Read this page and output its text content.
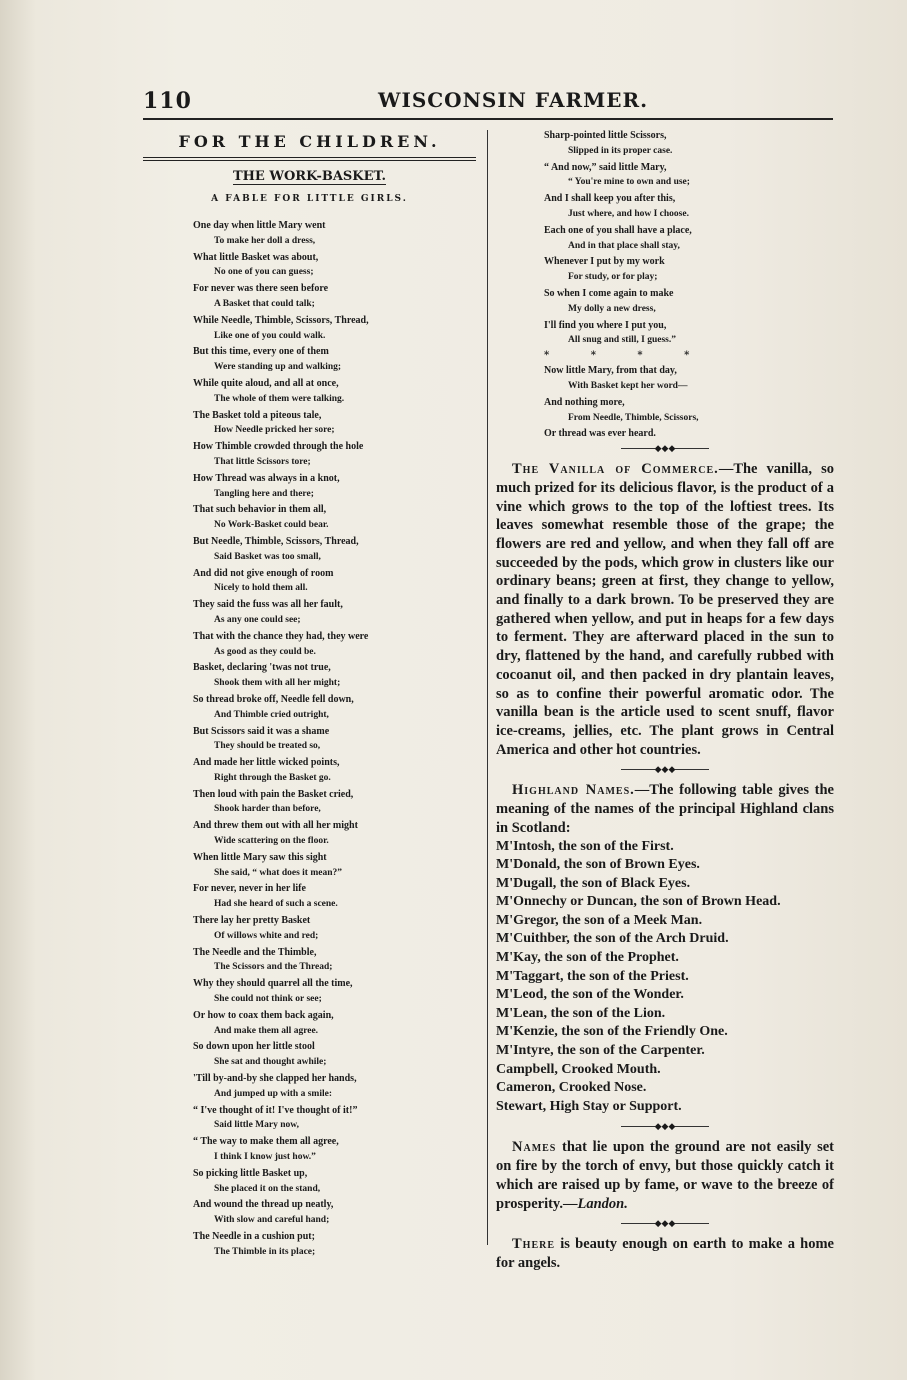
110	WISCONSIN FARMER.
FOR THE CHILDREN.
THE WORK-BASKET.
A FABLE FOR LITTLE GIRLS.
One day when little Mary went
To make her doll a dress,
What little Basket was about,
No one of you can guess;
For never was there seen before
A Basket that could talk;
While Needle, Thimble, Scissors, Thread,
Like one of you could walk.
But this time, every one of them
Were standing up and walking;
While quite aloud, and all at once,
The whole of them were talking.
The Basket told a piteous tale,
How Needle pricked her sore;
How Thimble crowded through the hole
That little Scissors tore;
How Thread was always in a knot,
Tangling here and there;
That such behavior in them all,
No Work-Basket could bear.
But Needle, Thimble, Scissors, Thread,
Said Basket was too small,
And did not give enough of room
Nicely to hold them all.
They said the fuss was all her fault,
As any one could see;
That with the chance they had, they were
As good as they could be.
Basket, declaring 'twas not true,
Shook them with all her might;
So thread broke off, Needle fell down,
And Thimble cried outright,
But Scissors said it was a shame
They should be treated so,
And made her little wicked points,
Right through the Basket go.
Then loud with pain the Basket cried,
Shook harder than before,
And threw them out with all her might
Wide scattering on the floor.
When little Mary saw this sight
She said, “ what does it mean?”
For never, never in her life
Had she heard of such a scene.
There lay her pretty Basket
Of willows white and red;
The Needle and the Thimble,
The Scissors and the Thread;
Why they should quarrel all the time,
She could not think or see;
Or how to coax them back again,
And make them all agree.
So down upon her little stool
She sat and thought awhile;
'Till by-and-by she clapped her hands,
And jumped up with a smile:
“ I've thought of it! I've thought of it!”
Said little Mary now,
“ The way to make them all agree,
I think I know just how.”
So picking little Basket up,
She placed it on the stand,
And wound the thread up neatly,
With slow and careful hand;
The Needle in a cushion put;
The Thimble in its place;
Sharp-pointed little Scissors,
Slipped in its proper case.
“ And now,” said little Mary,
“ You're mine to own and use;
And I shall keep you after this,
Just where, and how I choose.
Each one of you shall have a place,
And in that place shall stay,
Whenever I put by my work
For study, or for play;
So when I come again to make
My dolly a new dress,
I'll find you where I put you,
All snug and still, I guess.”
* * * *
Now little Mary, from that day,
With Basket kept her word—
And nothing more,
From Needle, Thimble, Scissors,
Or thread was ever heard.
◆◆◆
The Vanilla of Commerce.—The vanilla, so much prized for its delicious flavor, is the product of a vine which grows to the top of the loftiest trees. Its leaves somewhat resemble those of the grape; the flowers are red and yellow, and when they fall off are succeeded by the pods, which grow in clusters like our ordinary beans; green at first, they change to yellow, and finally to a dark brown. To be preserved they are gathered when yellow, and put in heaps for a few days to ferment. They are afterward placed in the sun to dry, flattened by the hand, and carefully rubbed with cocoanut oil, and then packed in dry plantain leaves, so as to confine their powerful aromatic odor. The vanilla bean is the article used to scent snuff, flavor ice-creams, jellies, etc. The plant grows in Central America and other hot countries.
◆◆◆
Highland Names.—The following table gives the meaning of the names of the principal Highland clans in Scotland:
M'Intosh, the son of the First.
M'Donald, the son of Brown Eyes.
M'Dugall, the son of Black Eyes.
M'Onnechy or Duncan, the son of Brown Head.
M'Gregor, the son of a Meek Man.
M'Cuithber, the son of the Arch Druid.
M'Kay, the son of the Prophet.
M'Taggart, the son of the Priest.
M'Leod, the son of the Wonder.
M'Lean, the son of the Lion.
M'Kenzie, the son of the Friendly One.
M'Intyre, the son of the Carpenter.
Campbell, Crooked Mouth.
Cameron, Crooked Nose.
Stewart, High Stay or Support.
◆◆◆
Names that lie upon the ground are not easily set on fire by the torch of envy, but those quickly catch it which are raised up by fame, or wave to the breeze of prosperity.—Landon.
◆◆◆
There is beauty enough on earth to make a home for angels.
